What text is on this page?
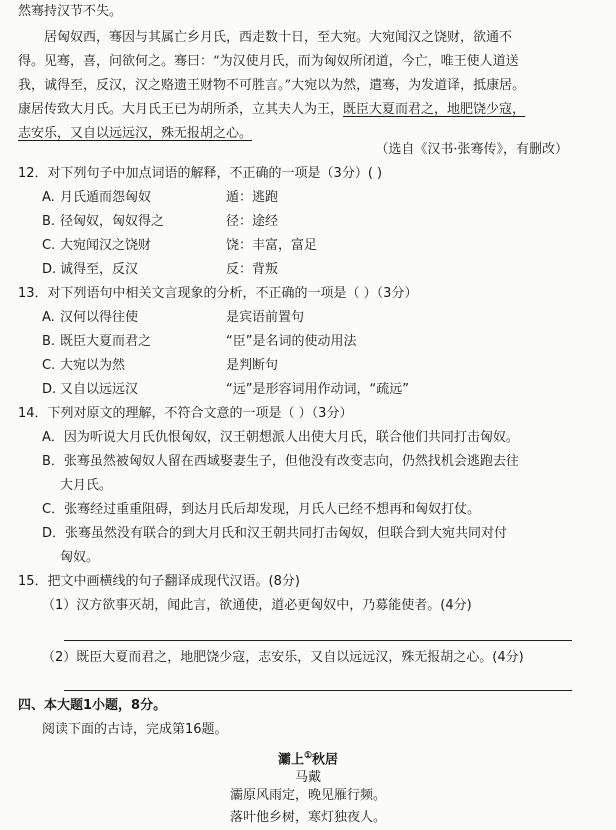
然骞持汉节不失。
居匈奴西，骞因与其属亡乡月氏，西走数十日，至大宛。大宛闻汉之饶财，欲通不
得。见骞，喜，问欲何之。骞曰：“为汉使月氏，而为匈奴所闭道，今亡，唯王使人道送
我，诚得至，反汉，汉之赂遗王财物不可胜言。”大宛以为然，遣骞，为发道译，抵康居。
康居传致大月氏。大月氏王已为胡所杀，立其夫人为王，既臣大夏而君之，地肥饶少寇，
志安乐，又自以远远汉，殊无报胡之心。
（选自《汉书·张骞传》，有删改）
12．对下列句子中加点词语的解释，不正确的一项是（3分）( )
A. 月氏遁而怨匈奴	遁：逃跑
B. 径匈奴，匈奴得之	径：途经
C. 大宛闻汉之饶财	饶：丰富，富足
D. 诚得至，反汉	反：背叛
13．对下列语句中相关文言现象的分析，不正确的一项是（ ）（3分）
A. 汉何以得往使	是宾语前置句
B. 既臣大夏而君之	“臣”是名词的使动用法
C. 大宛以为然	是判断句
D. 又自以远远汉	“远”是形容词用作动词，“疏远”
14．下列对原文的理解，不符合文意的一项是（ ）（3分）
A．因为听说大月氏仇恨匈奴，汉王朝想派人出使大月氏，联合他们共同打击匈奴。
B．张骞虽然被匈奴人留在西域娶妻生子，但他没有改变志向，仍然找机会逃跑去往
大月氏。
C．张骞经过重重阻碍，到达月氏后却发现，月氏人已经不想再和匈奴打仗。
D．张骞虽然没有联合的到大月氏和汉王朝共同打击匈奴，但联合到大宛共同对付
匈奴。
15．把文中画横线的句子翻译成现代汉语。(8分)
（1）汉方欲事灭胡，闻此言，欲通使，道必更匈奴中，乃募能使者。(4分)
（2）既臣大夏而君之，地肥饶少寇，志安乐，又自以远远汉，殊无报胡之心。(4分)
四、本大题1小题，8分。
阅读下面的古诗，完成第16题。
灞上①秋居
马戴
灞原风雨定，晚见雁行频。
落叶他乡树，寒灯独夜人。
